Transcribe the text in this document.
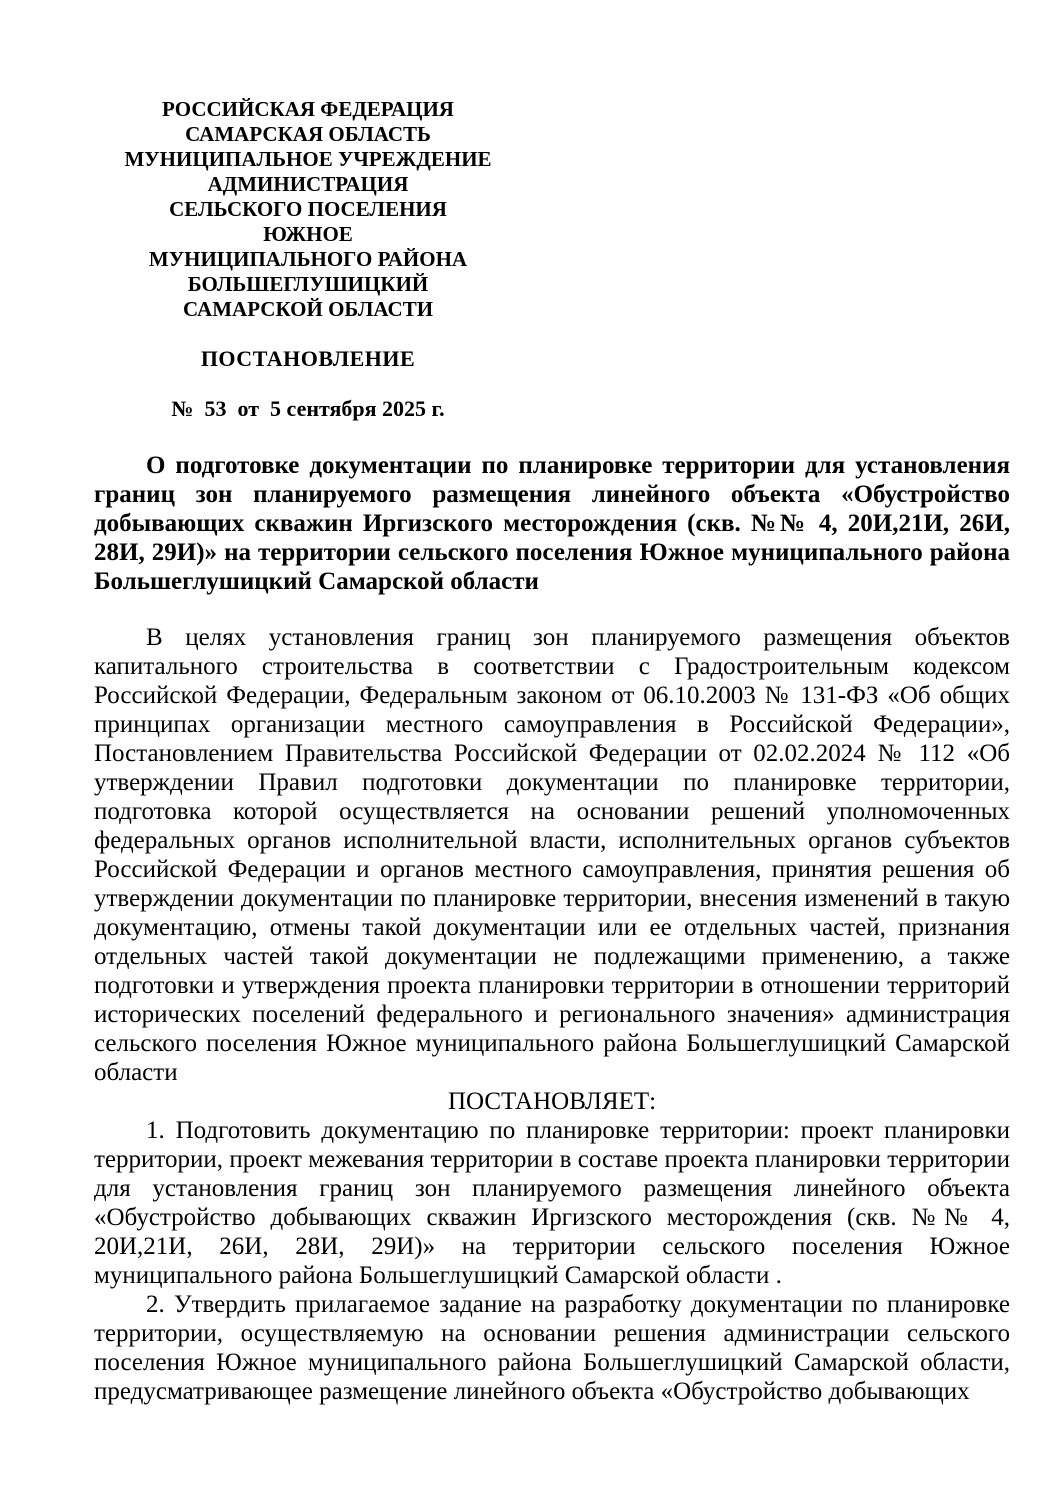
РОССИЙСКАЯ ФЕДЕРАЦИЯ
САМАРСКАЯ ОБЛАСТЬ
МУНИЦИПАЛЬНОЕ УЧРЕЖДЕНИЕ
АДМИНИСТРАЦИЯ
СЕЛЬСКОГО ПОСЕЛЕНИЯ
ЮЖНОЕ
МУНИЦИПАЛЬНОГО РАЙОНА
БОЛЬШЕГЛУШИЦКИЙ
САМАРСКОЙ ОБЛАСТИ
ПОСТАНОВЛЕНИЕ
№  53  от  5 сентября 2025 г.

О подготовке документации по планировке территории для установления границ зон планируемого размещения линейного объекта «Обустройство добывающих скважин Иргизского месторождения (скв. №№ 4, 20И,21И, 26И, 28И, 29И)» на территории сельского поселения Южное муниципального района Большеглушицкий Самарской области

В целях установления границ зон планируемого размещения объектов капитального строительства в соответствии с Градостроительным кодексом Российской Федерации, Федеральным законом от 06.10.2003 № 131-ФЗ «Об общих принципах организации местного самоуправления в Российской Федерации», Постановлением Правительства Российской Федерации от 02.02.2024 № 112 «Об утверждении Правил подготовки документации по планировке территории, подготовка которой осуществляется на основании решений уполномоченных федеральных органов исполнительной власти, исполнительных органов субъектов Российской Федерации и органов местного самоуправления, принятия решения об утверждении документации по планировке территории, внесения изменений в такую документацию, отмены такой документации или ее отдельных частей, признания отдельных частей такой документации не подлежащими применению, а также подготовки и утверждения проекта планировки территории в отношении территорий исторических поселений федерального и регионального значения» администрация сельского поселения Южное муниципального района Большеглушицкий Самарской области

ПОСТАНОВЛЯЕТ:

1. Подготовить документацию по планировке территории: проект планировки территории, проект межевания территории в составе проекта планировки территории для установления границ зон планируемого размещения линейного объекта «Обустройство добывающих скважин Иргизского месторождения (скв. №№ 4, 20И,21И, 26И, 28И, 29И)» на территории сельского поселения Южное муниципального района Большеглушицкий Самарской области .

2. Утвердить прилагаемое задание на разработку документации по планировке территории, осуществляемую на основании решения администрации сельского поселения Южное муниципального района Большеглушицкий Самарской области, предусматривающее размещение линейного объекта «Обустройство добывающих
